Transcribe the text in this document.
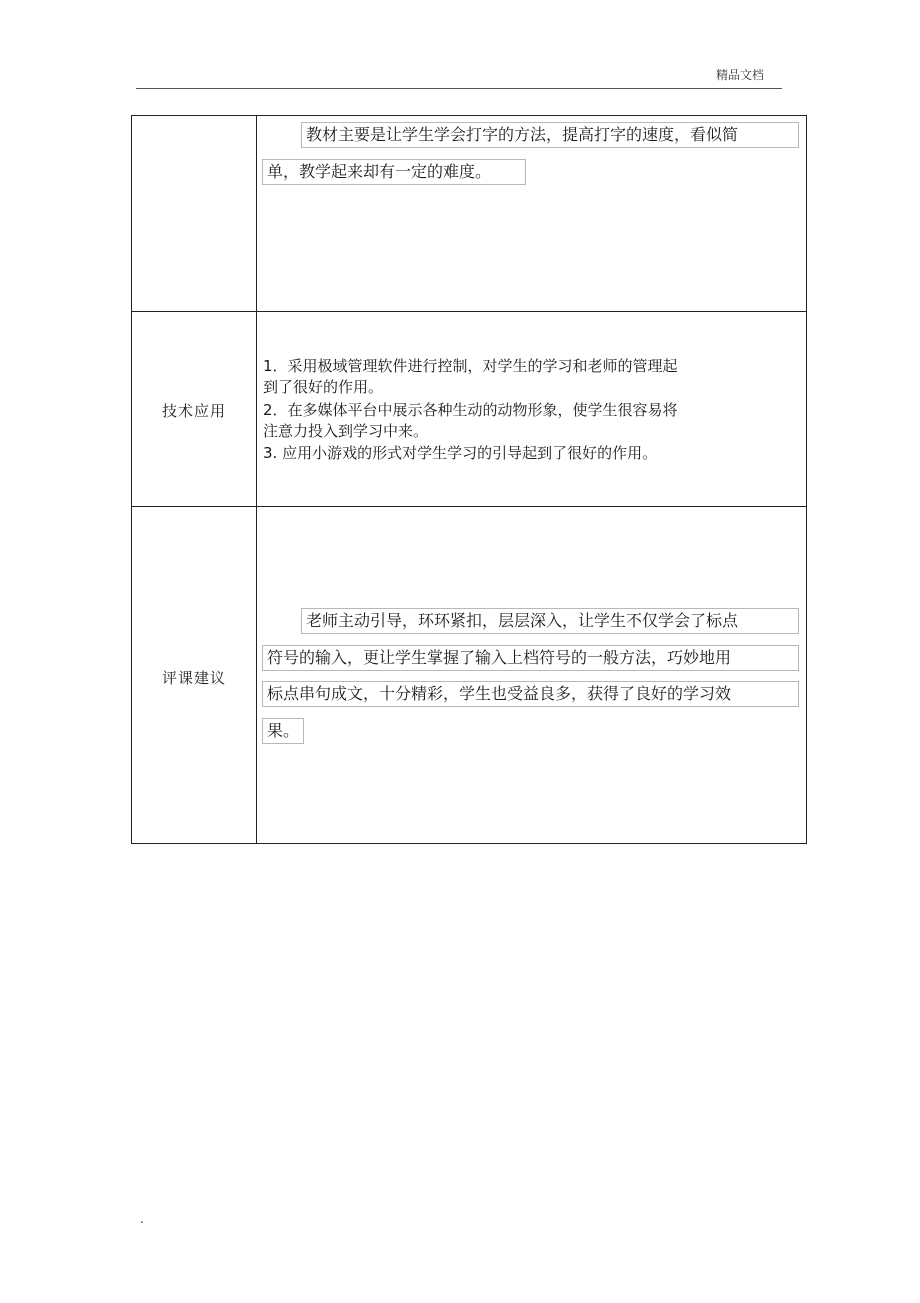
精品文档
教材主要是让学生学会打字的方法，提高打字的速度，看似简
单，教学起来却有一定的难度。
技术应用
1．采用极域管理软件进行控制，对学生的学习和老师的管理起
到了很好的作用。
2．在多媒体平台中展示各种生动的动物形象，使学生很容易将
注意力投入到学习中来。
3. 应用小游戏的形式对学生学习的引导起到了很好的作用。
评课建议
老师主动引导，环环紧扣，层层深入，让学生不仅学会了标点
符号的输入，更让学生掌握了输入上档符号的一般方法，巧妙地用
标点串句成文，十分精彩，学生也受益良多，获得了良好的学习效
果。
.
